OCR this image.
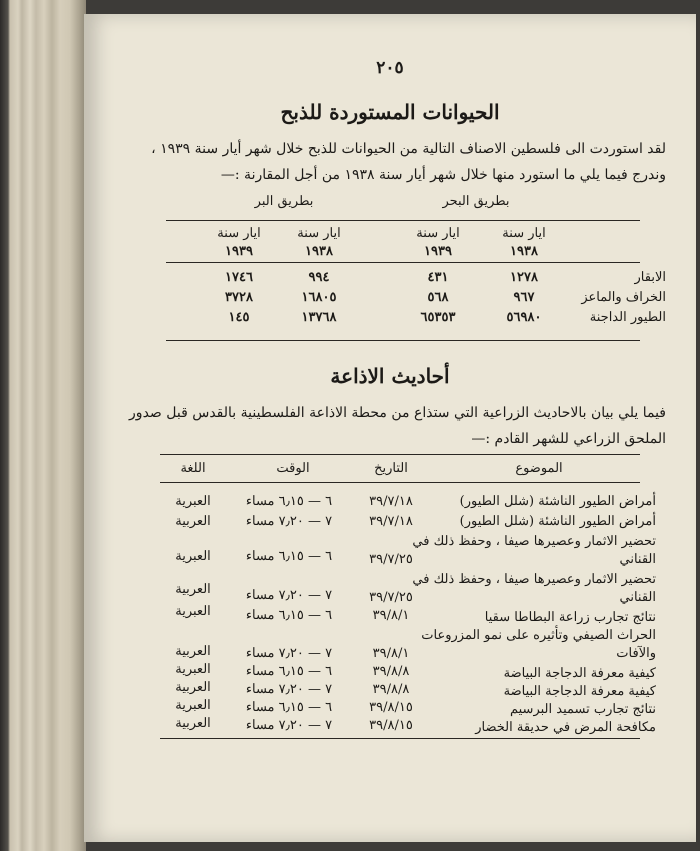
٢٠٥
الحيوانات المستوردة للذبح
لقد استوردت الى فلسطين الاصناف التالية من الحيوانات للذبح خلال شهر أيار سنة ١٩٣٩ ،
وندرج فيما يلي ما استورد منها خلال شهر أيار سنة ١٩٣٨ من أجل المقارنة :—
بطريق البحر
بطريق البر
ايار سنة
ايار سنة
ايار سنة
ايار سنة
١٩٣٨
١٩٣٩
١٩٣٨
١٩٣٩
الابقار
١٢٧٨
٤٣١
٩٩٤
١٧٤٦
الخراف والماعز
٩٦٧
٥٦٨
١٦٨٠٥
٣٧٢٨
الطيور الداجنة
٥٦٩٨٠
٦٥٣٥٣
١٣٧٦٨
١٤٥
أحاديث الاذاعة
فيما يلي بيان بالاحاديث الزراعية التي ستذاع من محطة الاذاعة الفلسطينية بالقدس قبل صدور
الملحق الزراعي للشهر القادم :—
الموضوع
التاريخ
الوقت
اللغة
أمراض الطيور الناشئة (شلل الطيور)
٣٩/٧/١٨
٦ — ٦٫١٥ مساء
العبرية
أمراض الطيور الناشئة (شلل الطيور)
٣٩/٧/١٨
٧ — ٧٫٢٠ مساء
العربية
تحضير الاثمار وعصيرها صيفا ، وحفظ ذلك في
القناني
٣٩/٧/٢٥
٦ — ٦٫١٥ مساء
العبرية
تحضير الاثمار وعصيرها صيفا ، وحفظ ذلك في
القناني
٣٩/٧/٢٥
٧ — ٧٫٢٠ مساء
العربية
نتائج تجارب زراعة البطاطا سقيا
٣٩/٨/١
٦ — ٦٫١٥ مساء
العبرية
الحراث الصيفي وتأثيره على نمو المزروعات
والآفات
٣٩/٨/١
٧ — ٧٫٢٠ مساء
العربية
كيفية معرفة الدجاجة البياضة
٣٩/٨/٨
٦ — ٦٫١٥ مساء
العبرية
كيفية معرفة الدجاجة البياضة
٣٩/٨/٨
٧ — ٧٫٢٠ مساء
العربية
نتائج تجارب تسميد البرسيم
٣٩/٨/١٥
٦ — ٦٫١٥ مساء
العبرية
مكافحة المرض في حديقة الخضار
٣٩/٨/١٥
٧ — ٧٫٢٠ مساء
العربية
